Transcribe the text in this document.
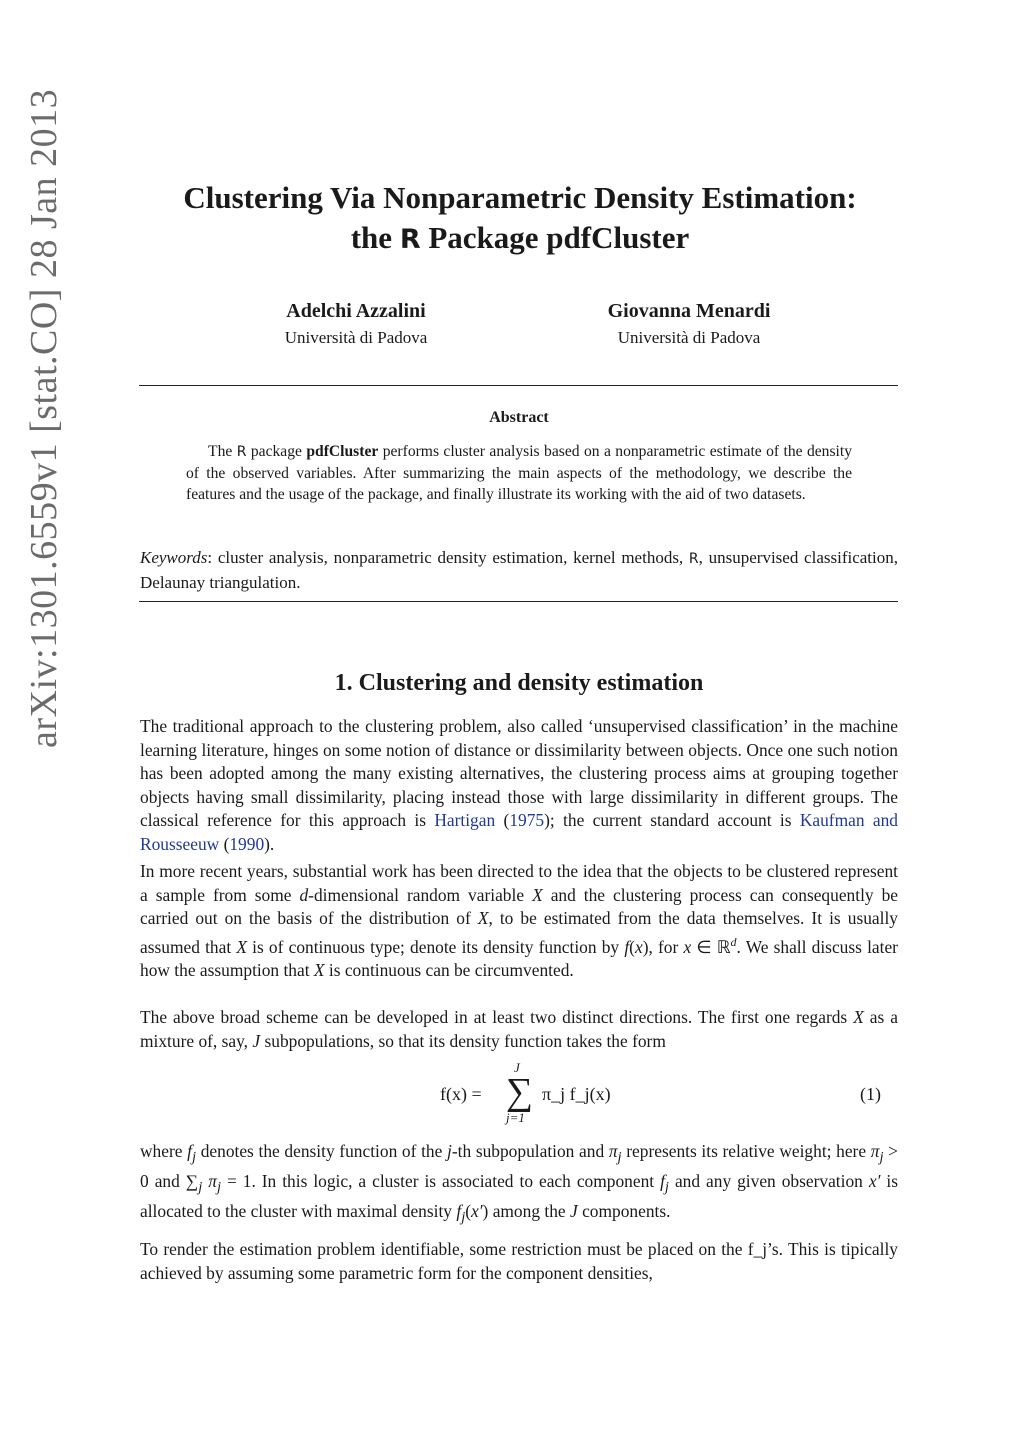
arXiv:1301.6559v1 [stat.CO] 28 Jan 2013	Clustering Via Nonparametric Density Estimation:
the R Package pdfCluster
Adelchi Azzalini
Università di Padova
Giovanna Menardi
Università di Padova
Abstract
The R package pdfCluster performs cluster analysis based on a nonparametric estimate of the density of the observed variables. After summarizing the main aspects of the methodology, we describe the features and the usage of the package, and finally illustrate its working with the aid of two datasets.
Keywords: cluster analysis, nonparametric density estimation, kernel methods, R, unsupervised classification, Delaunay triangulation.
1. Clustering and density estimation
The traditional approach to the clustering problem, also called ‘unsupervised classification’ in the machine learning literature, hinges on some notion of distance or dissimilarity between objects. Once one such notion has been adopted among the many existing alternatives, the clustering process aims at grouping together objects having small dissimilarity, placing instead those with large dissimilarity in different groups. The classical reference for this approach is Hartigan (1975); the current standard account is Kaufman and Rousseeuw (1990).
In more recent years, substantial work has been directed to the idea that the objects to be clustered represent a sample from some d-dimensional random variable X and the clustering process can consequently be carried out on the basis of the distribution of X, to be estimated from the data themselves. It is usually assumed that X is of continuous type; denote its density function by f(x), for x ∈ ℝ$^d$. We shall discuss later how the assumption that X is continuous can be circumvented.
The above broad scheme can be developed in at least two distinct directions. The first one regards X as a mixture of, say, J subpopulations, so that its density function takes the form
f(x) =
J
∑
j=1
π_j f_j(x)	(1)
where $f_j$ denotes the density function of the j-th subpopulation and $\pi_j$ represents its relative weight; here $\pi_j > 0$ and $\sum_j$ $\pi_j = 1$. In this logic, a cluster is associated to each component $f_j$ and any given observation x′ is allocated to the cluster with maximal density $f_j(x')$ among the J components.
To render the estimation problem identifiable, some restriction must be placed on the f_j’s. This is tipically achieved by assuming some parametric form for the component densities,
